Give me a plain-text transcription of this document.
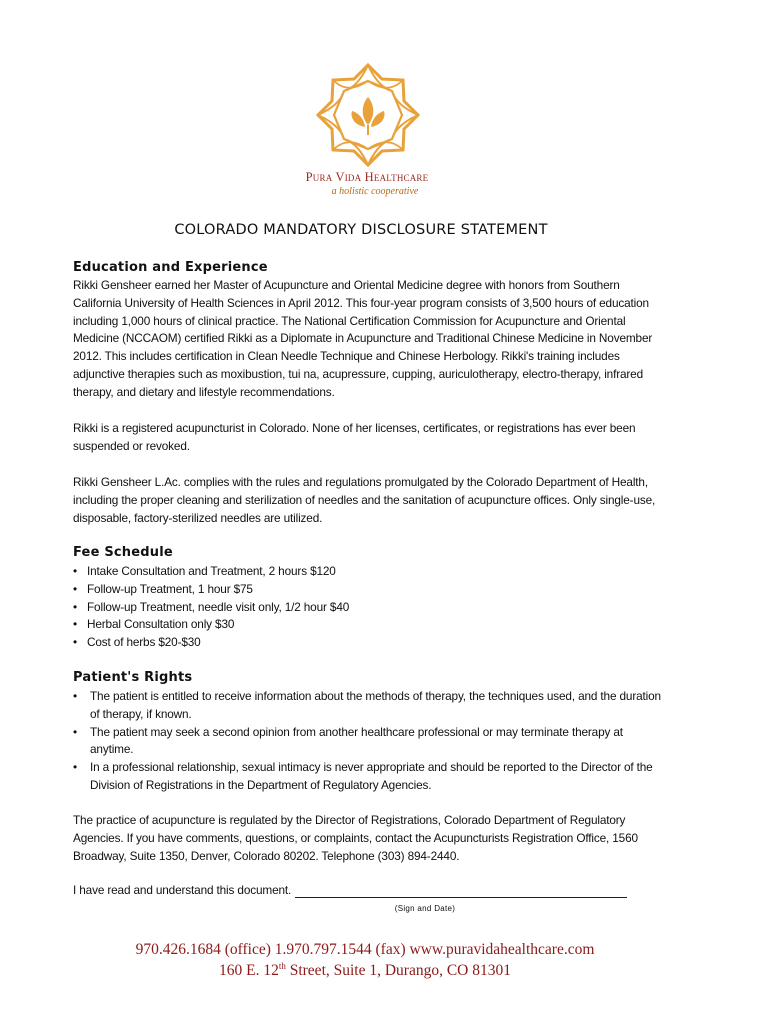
Pura Vida Healthcare
a holistic cooperative
COLORADO MANDATORY DISCLOSURE STATEMENT
Education and Experience
Rikki Gensheer earned her Master of Acupuncture and Oriental Medicine degree with honors from Southern California University of Health Sciences in April 2012. This four-year program consists of 3,500 hours of education including 1,000 hours of clinical practice. The National Certification Commission for Acupuncture and Oriental Medicine (NCCAOM) certified Rikki as a Diplomate in Acupuncture and Traditional Chinese Medicine in November 2012. This includes certification in Clean Needle Technique and Chinese Herbology. Rikki's training includes adjunctive therapies such as moxibustion, tui na, acupressure, cupping, auriculotherapy, electro-therapy, infrared therapy, and dietary and lifestyle recommendations.
Rikki is a registered acupuncturist in Colorado. None of her licenses, certificates, or registrations has ever been suspended or revoked.
Rikki Gensheer L.Ac. complies with the rules and regulations promulgated by the Colorado Department of Health, including the proper cleaning and sterilization of needles and the sanitation of acupuncture offices. Only single-use, disposable, factory-sterilized needles are utilized.
Fee Schedule
• Intake Consultation and Treatment, 2 hours $120
• Follow-up Treatment, 1 hour $75
• Follow-up Treatment, needle visit only, 1/2 hour $40
• Herbal Consultation only $30
• Cost of herbs $20-$30
Patient's Rights
• The patient is entitled to receive information about the methods of therapy, the techniques used, and the duration of therapy, if known.
• The patient may seek a second opinion from another healthcare professional or may terminate therapy at anytime.
• In a professional relationship, sexual intimacy is never appropriate and should be reported to the Director of the Division of Registrations in the Department of Regulatory Agencies.
The practice of acupuncture is regulated by the Director of Registrations, Colorado Department of Regulatory Agencies. If you have comments, questions, or complaints, contact the Acupuncturists Registration Office, 1560 Broadway, Suite 1350, Denver, Colorado 80202. Telephone (303) 894-2440.
I have read and understand this document.
(Sign and Date)
970.426.1684 (office) 1.970.797.1544 (fax) www.puravidahealthcare.com
160 E. 12th Street, Suite 1, Durango, CO 81301
